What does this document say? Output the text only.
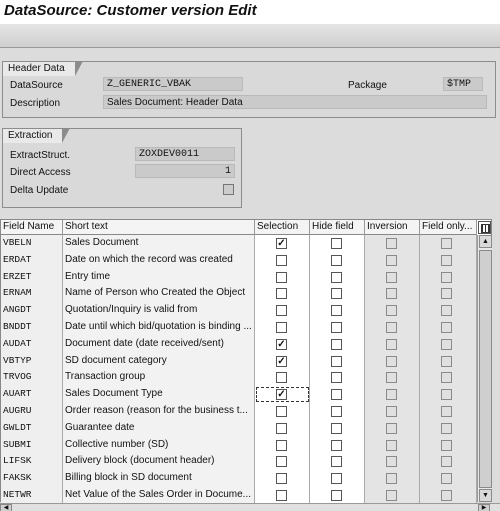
DataSource: Customer version Edit
Header Data
DataSource	Z_GENERIC_VBAK	Package	$TMP
Description	Sales Document: Header Data
Extraction
ExtractStruct.	ZOXDEV0011
Direct Access	1
Delta Update
Field Name	Short text	Selection	Hide field	Inversion	Field only...
VBELN	Sales Document	✓
ERDAT	Date on which the record was created
ERZET	Entry time
ERNAM	Name of Person who Created the Object
ANGDT	Quotation/Inquiry is valid from
BNDDT	Date until which bid/quotation is binding ...
AUDAT	Document date (date received/sent)	✓
VBTYP	SD document category	✓
TRVOG	Transaction group
AUART	Sales Document Type	✓
AUGRU	Order reason (reason for the business t...
GWLDT	Guarantee date
SUBMI	Collective number (SD)
LIFSK	Delivery block (document header)
FAKSK	Billing block in SD document
NETWR	Net Value of the Sales Order in Docume...
▲
▼
◀	▶
